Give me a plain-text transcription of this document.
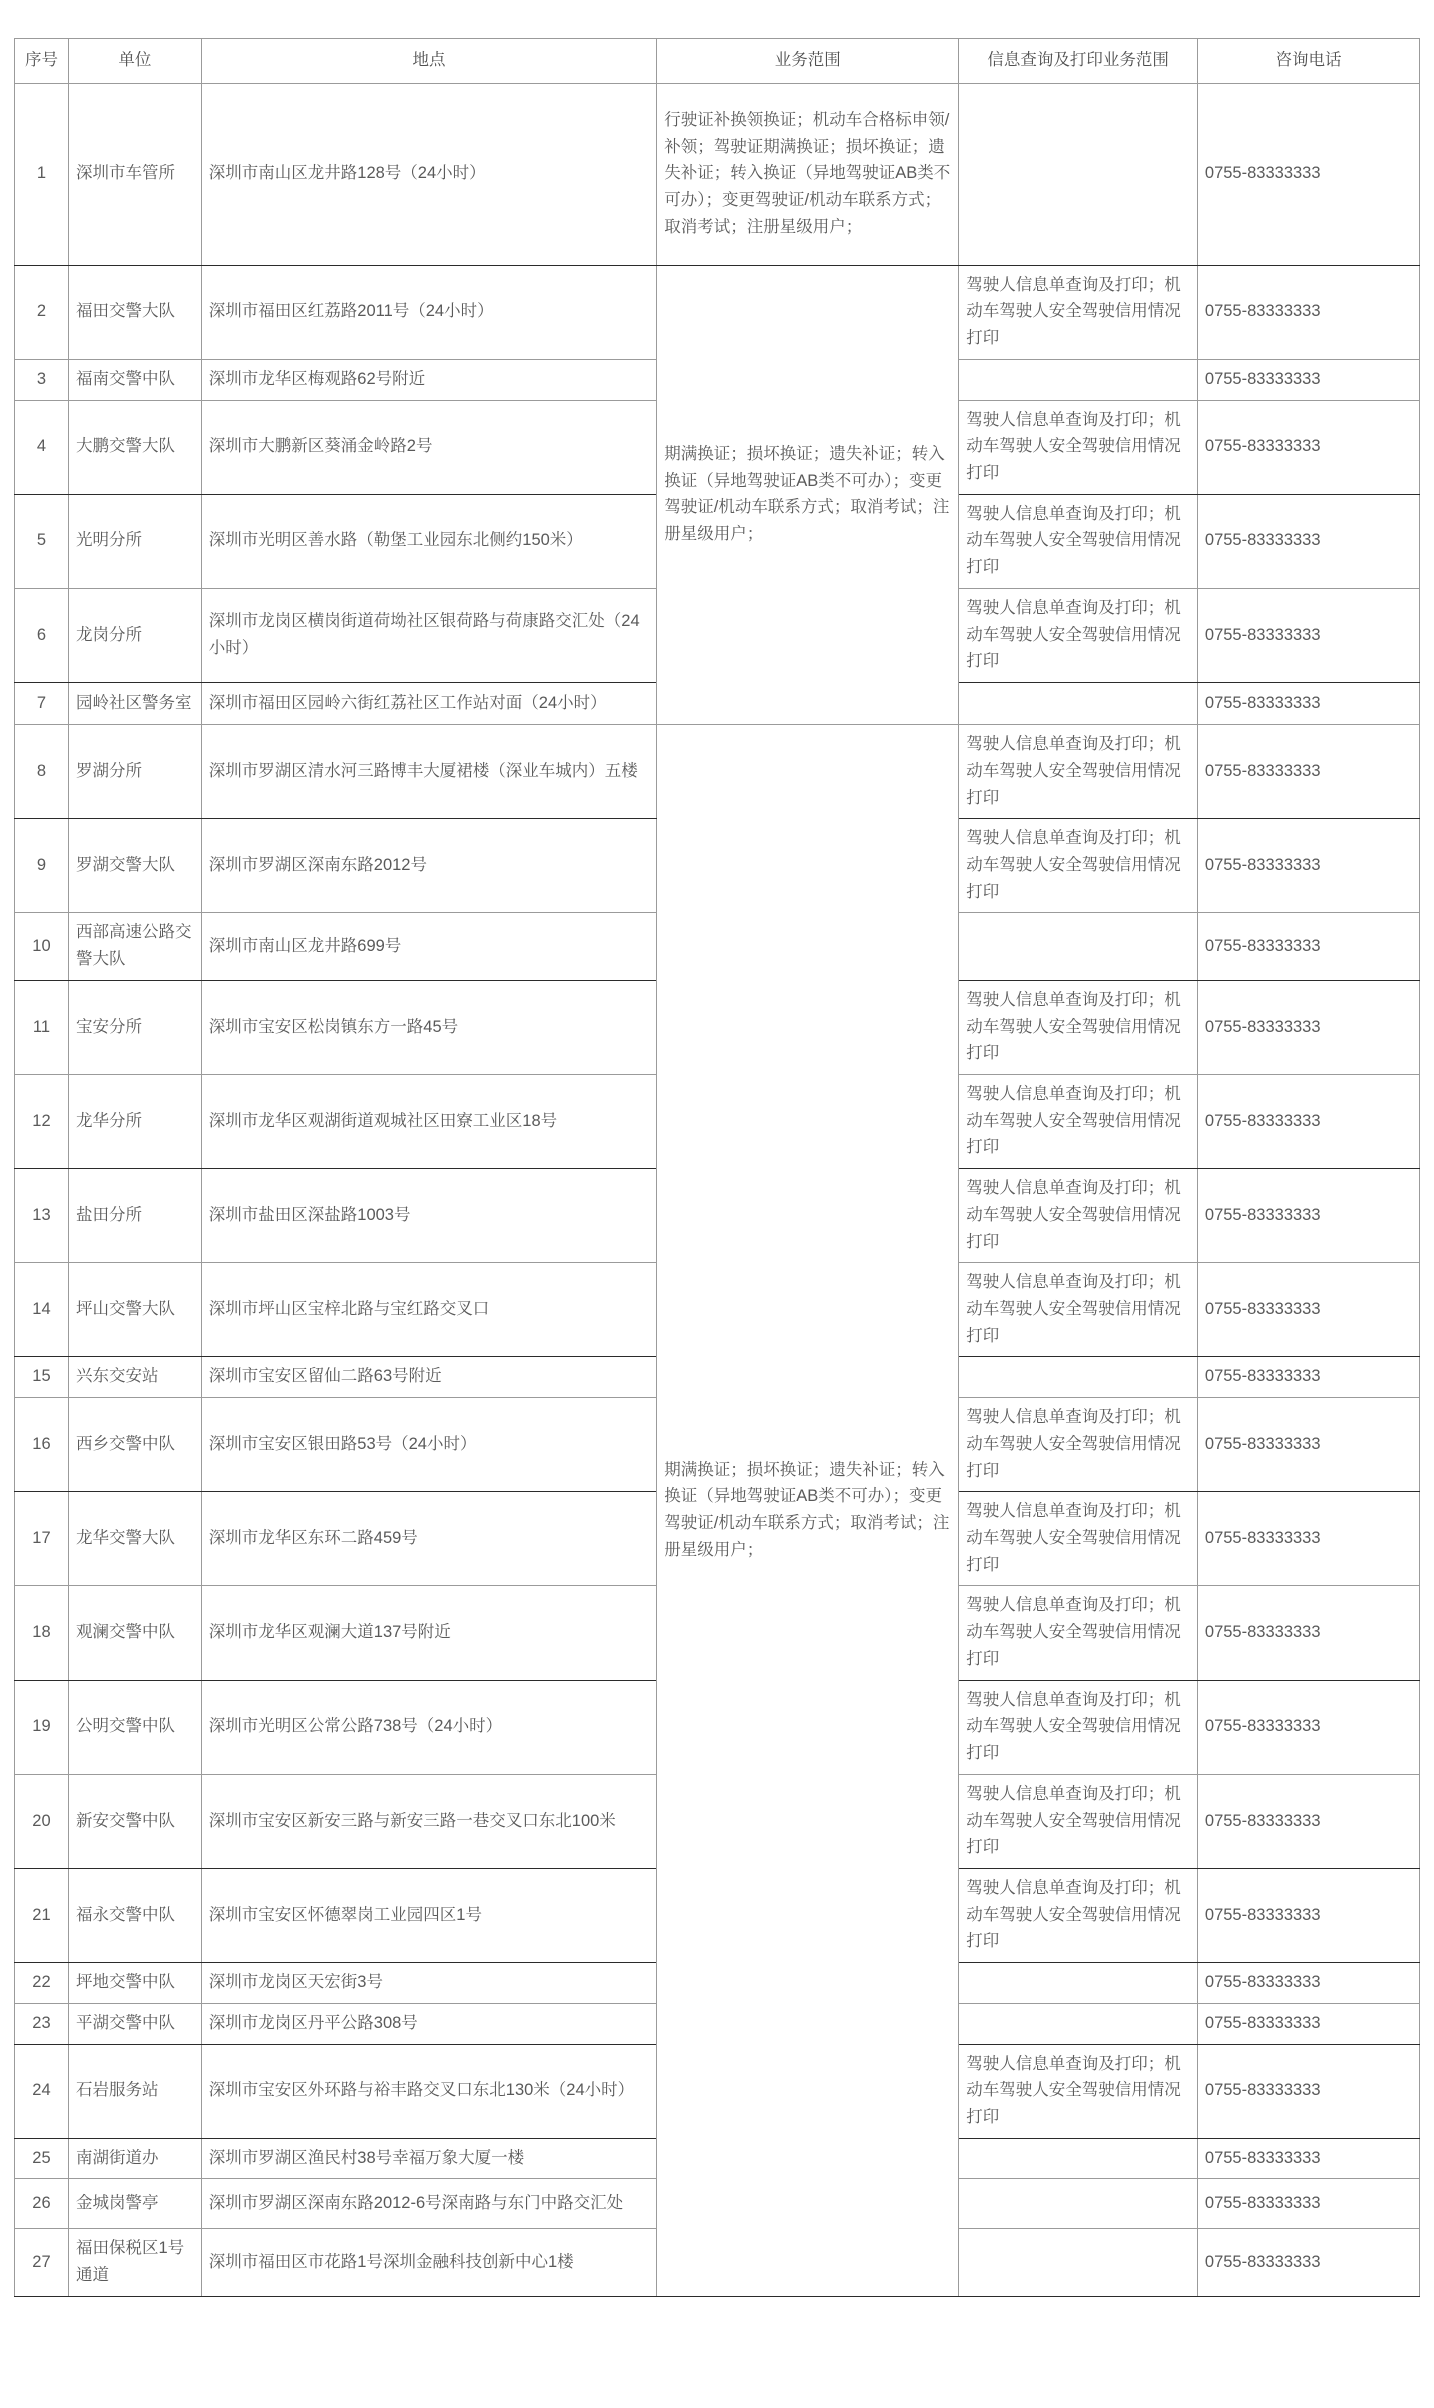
序号	单位	地点	业务范围	信息查询及打印业务范围	咨询电话
1	深圳市车管所	深圳市南山区龙井路128号（24小时）	行驶证补换领换证；机动车合格标申领/补领；驾驶证期满换证；损坏换证；遗失补证；转入换证（异地驾驶证AB类不可办）；变更驾驶证/机动车联系方式；取消考试；注册星级用户；		0755-83333333
2	福田交警大队	深圳市福田区红荔路2011号（24小时）	期满换证；损坏换证；遗失补证；转入换证（异地驾驶证AB类不可办）；变更驾驶证/机动车联系方式；取消考试；注册星级用户；	驾驶人信息单查询及打印；机动车驾驶人安全驾驶信用情况打印	0755-83333333
3	福南交警中队	深圳市龙华区梅观路62号附近			0755-83333333
4	大鹏交警大队	深圳市大鹏新区葵涌金岭路2号		驾驶人信息单查询及打印；机动车驾驶人安全驾驶信用情况打印	0755-83333333
5	光明分所	深圳市光明区善水路（勒堡工业园东北侧约150米）		驾驶人信息单查询及打印；机动车驾驶人安全驾驶信用情况打印	0755-83333333
6	龙岗分所	深圳市龙岗区横岗街道荷坳社区银荷路与荷康路交汇处（24小时）		驾驶人信息单查询及打印；机动车驾驶人安全驾驶信用情况打印	0755-83333333
7	园岭社区警务室	深圳市福田区园岭六街红荔社区工作站对面（24小时）			0755-83333333
8	罗湖分所	深圳市罗湖区清水河三路博丰大厦裙楼（深业车城内）五楼	期满换证；损坏换证；遗失补证；转入换证（异地驾驶证AB类不可办）；变更驾驶证/机动车联系方式；取消考试；注册星级用户；	驾驶人信息单查询及打印；机动车驾驶人安全驾驶信用情况打印	0755-83333333
9	罗湖交警大队	深圳市罗湖区深南东路2012号		驾驶人信息单查询及打印；机动车驾驶人安全驾驶信用情况打印	0755-83333333
10	西部高速公路交警大队	深圳市南山区龙井路699号			0755-83333333
11	宝安分所	深圳市宝安区松岗镇东方一路45号		驾驶人信息单查询及打印；机动车驾驶人安全驾驶信用情况打印	0755-83333333
12	龙华分所	深圳市龙华区观湖街道观城社区田寮工业区18号		驾驶人信息单查询及打印；机动车驾驶人安全驾驶信用情况打印	0755-83333333
13	盐田分所	深圳市盐田区深盐路1003号		驾驶人信息单查询及打印；机动车驾驶人安全驾驶信用情况打印	0755-83333333
14	坪山交警大队	深圳市坪山区宝梓北路与宝红路交叉口		驾驶人信息单查询及打印；机动车驾驶人安全驾驶信用情况打印	0755-83333333
15	兴东交安站	深圳市宝安区留仙二路63号附近			0755-83333333
16	西乡交警中队	深圳市宝安区银田路53号（24小时）		驾驶人信息单查询及打印；机动车驾驶人安全驾驶信用情况打印	0755-83333333
17	龙华交警大队	深圳市龙华区东环二路459号		驾驶人信息单查询及打印；机动车驾驶人安全驾驶信用情况打印	0755-83333333
18	观澜交警中队	深圳市龙华区观澜大道137号附近		驾驶人信息单查询及打印；机动车驾驶人安全驾驶信用情况打印	0755-83333333
19	公明交警中队	深圳市光明区公常公路738号（24小时）		驾驶人信息单查询及打印；机动车驾驶人安全驾驶信用情况打印	0755-83333333
20	新安交警中队	深圳市宝安区新安三路与新安三路一巷交叉口东北100米		驾驶人信息单查询及打印；机动车驾驶人安全驾驶信用情况打印	0755-83333333
21	福永交警中队	深圳市宝安区怀德翠岗工业园四区1号		驾驶人信息单查询及打印；机动车驾驶人安全驾驶信用情况打印	0755-83333333
22	坪地交警中队	深圳市龙岗区天宏街3号			0755-83333333
23	平湖交警中队	深圳市龙岗区丹平公路308号			0755-83333333
24	石岩服务站	深圳市宝安区外环路与裕丰路交叉口东北130米（24小时）		驾驶人信息单查询及打印；机动车驾驶人安全驾驶信用情况打印	0755-83333333
25	南湖街道办	深圳市罗湖区渔民村38号幸福万象大厦一楼			0755-83333333
26	金城岗警亭	深圳市罗湖区深南东路2012-6号深南路与东门中路交汇处			0755-83333333
27	福田保税区1号通道	深圳市福田区市花路1号深圳金融科技创新中心1楼			0755-83333333
